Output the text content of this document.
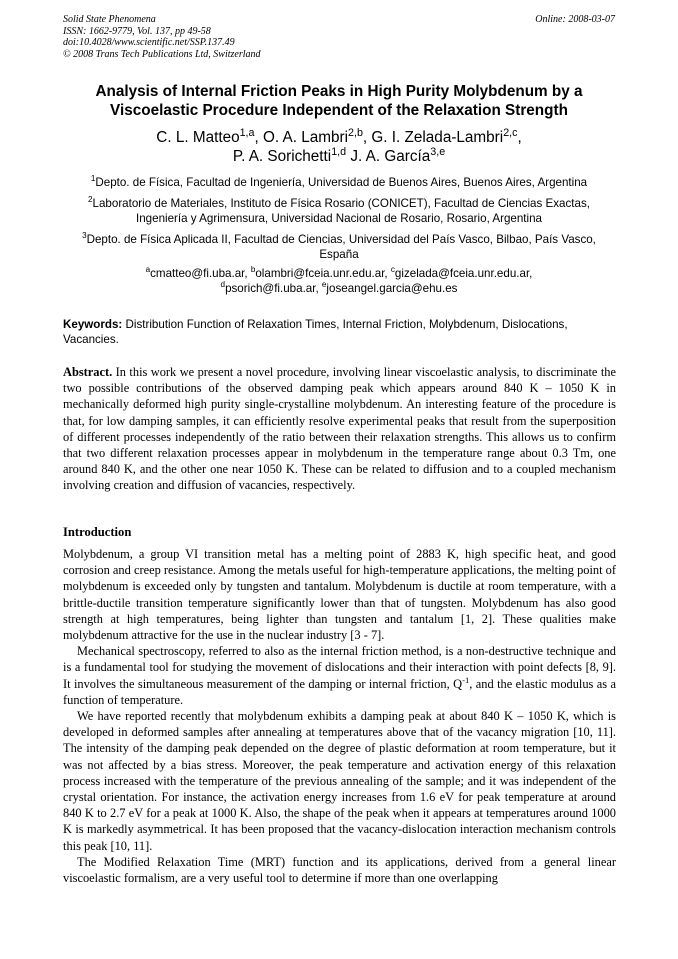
Solid State Phenomena
ISSN: 1662-9779, Vol. 137, pp 49-58
doi:10.4028/www.scientific.net/SSP.137.49
© 2008 Trans Tech Publications Ltd, Switzerland
Online: 2008-03-07
Analysis of Internal Friction Peaks in High Purity Molybdenum by a Viscoelastic Procedure Independent of the Relaxation Strength
C. L. Matteo$^{1,a}$, O. A. Lambri$^{2,b}$, G. I. Zelada-Lambri$^{2,c}$,
P. A. Sorichetti$^{1,d}$ J. A. García$^{3,e}$
$^1$Depto. de Física, Facultad de Ingeniería, Universidad de Buenos Aires, Buenos Aires, Argentina
$^2$Laboratorio de Materiales, Instituto de Física Rosario (CONICET), Facultad de Ciencias Exactas, Ingeniería y Agrimensura, Universidad Nacional de Rosario, Rosario, Argentina
$^3$Depto. de Física Aplicada II, Facultad de Ciencias, Universidad del País Vasco, Bilbao, País Vasco, España
$^a$cmatteo@fi.uba.ar, $^b$olambri@fceia.unr.edu.ar, $^c$gizelada@fceia.unr.edu.ar,
$^d$psorich@fi.uba.ar, $^e$joseangel.garcia@ehu.es
Keywords: Distribution Function of Relaxation Times, Internal Friction, Molybdenum, Dislocations, Vacancies.
Abstract. In this work we present a novel procedure, involving linear viscoelastic analysis, to discriminate the two possible contributions of the observed damping peak which appears around 840 K – 1050 K in mechanically deformed high purity single-crystalline molybdenum. An interesting feature of the procedure is that, for low damping samples, it can efficiently resolve experimental peaks that result from the superposition of different processes independently of the ratio between their relaxation strengths. This allows us to confirm that two different relaxation processes appear in molybdenum in the temperature range about 0.3 Tm, one around 840 K, and the other one near 1050 K. These can be related to diffusion and to a coupled mechanism involving creation and diffusion of vacancies, respectively.
Introduction

Molybdenum, a group VI transition metal has a melting point of 2883 K, high specific heat, and good corrosion and creep resistance. Among the metals useful for high-temperature applications, the melting point of molybdenum is exceeded only by tungsten and tantalum. Molybdenum is ductile at room temperature, with a brittle-ductile transition temperature significantly lower than that of tungsten. Molybdenum has also good strength at high temperatures, being lighter than tungsten and tantalum [1, 2]. These qualities make molybdenum attractive for the use in the nuclear industry [3 - 7].

Mechanical spectroscopy, referred to also as the internal friction method, is a non-destructive technique and is a fundamental tool for studying the movement of dislocations and their interaction with point defects [8, 9]. It involves the simultaneous measurement of the damping or internal friction, $Q^{-1}$, and the elastic modulus as a function of temperature.

We have reported recently that molybdenum exhibits a damping peak at about 840 K – 1050 K, which is developed in deformed samples after annealing at temperatures above that of the vacancy migration [10, 11]. The intensity of the damping peak depended on the degree of plastic deformation at room temperature, but it was not affected by a bias stress. Moreover, the peak temperature and activation energy of this relaxation process increased with the temperature of the previous annealing of the sample; and it was independent of the crystal orientation. For instance, the activation energy increases from 1.6 eV for peak temperature at around 840 K to 2.7 eV for a peak at 1000 K. Also, the shape of the peak when it appears at temperatures around 1000 K is markedly asymmetrical. It has been proposed that the vacancy-dislocation interaction mechanism controls this peak [10, 11].

The Modified Relaxation Time (MRT) function and its applications, derived from a general linear viscoelastic formalism, are a very useful tool to determine if more than one overlapping
